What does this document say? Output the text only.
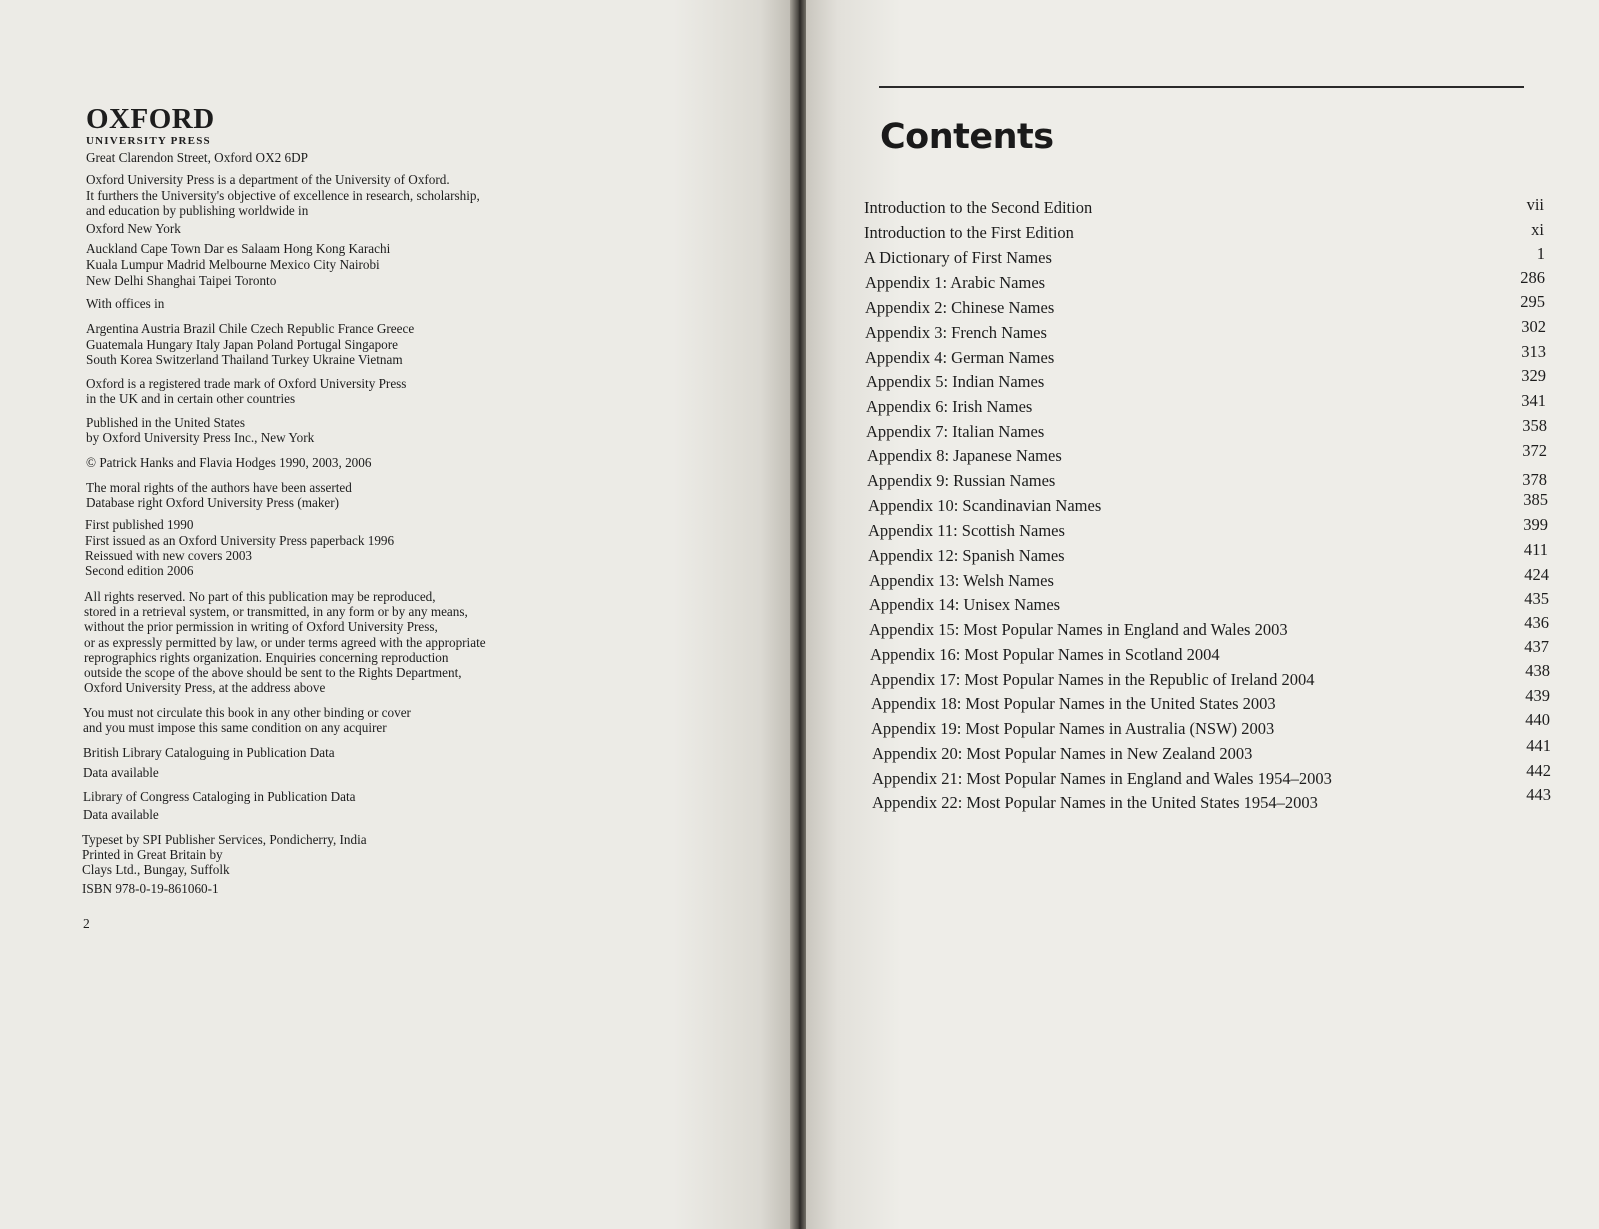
OXFORD
UNIVERSITY PRESS
Great Clarendon Street, Oxford OX2 6DP
Oxford University Press is a department of the University of Oxford.
It furthers the University's objective of excellence in research, scholarship,
and education by publishing worldwide in
Oxford New York
Auckland Cape Town Dar es Salaam Hong Kong Karachi
Kuala Lumpur Madrid Melbourne Mexico City Nairobi
New Delhi Shanghai Taipei Toronto
With offices in
Argentina Austria Brazil Chile Czech Republic France Greece
Guatemala Hungary Italy Japan Poland Portugal Singapore
South Korea Switzerland Thailand Turkey Ukraine Vietnam
Oxford is a registered trade mark of Oxford University Press
in the UK and in certain other countries
Published in the United States
by Oxford University Press Inc., New York
© Patrick Hanks and Flavia Hodges 1990, 2003, 2006
The moral rights of the authors have been asserted
Database right Oxford University Press (maker)
First published 1990
First issued as an Oxford University Press paperback 1996
Reissued with new covers 2003
Second edition 2006
All rights reserved. No part of this publication may be reproduced,
stored in a retrieval system, or transmitted, in any form or by any means,
without the prior permission in writing of Oxford University Press,
or as expressly permitted by law, or under terms agreed with the appropriate
reprographics rights organization. Enquiries concerning reproduction
outside the scope of the above should be sent to the Rights Department,
Oxford University Press, at the address above
You must not circulate this book in any other binding or cover
and you must impose this same condition on any acquirer
British Library Cataloguing in Publication Data
Data available
Library of Congress Cataloging in Publication Data
Data available
Typeset by SPI Publisher Services, Pondicherry, India
Printed in Great Britain by
Clays Ltd., Bungay, Suffolk
ISBN 978-0-19-861060-1
2
Contents
Introduction to the Second Edition	vii
Introduction to the First Edition	xi
A Dictionary of First Names	1
Appendix 1: Arabic Names	286
Appendix 2: Chinese Names	295
Appendix 3: French Names	302
Appendix 4: German Names	313
Appendix 5: Indian Names	329
Appendix 6: Irish Names	341
Appendix 7: Italian Names	358
Appendix 8: Japanese Names	372
Appendix 9: Russian Names	378
Appendix 10: Scandinavian Names	385
Appendix 11: Scottish Names	399
Appendix 12: Spanish Names	411
Appendix 13: Welsh Names	424
Appendix 14: Unisex Names	435
Appendix 15: Most Popular Names in England and Wales 2003	436
Appendix 16: Most Popular Names in Scotland 2004	437
Appendix 17: Most Popular Names in the Republic of Ireland 2004	438
Appendix 18: Most Popular Names in the United States 2003	439
Appendix 19: Most Popular Names in Australia (NSW) 2003	440
Appendix 20: Most Popular Names in New Zealand 2003	441
Appendix 21: Most Popular Names in England and Wales 1954–2003	442
Appendix 22: Most Popular Names in the United States 1954–2003	443
